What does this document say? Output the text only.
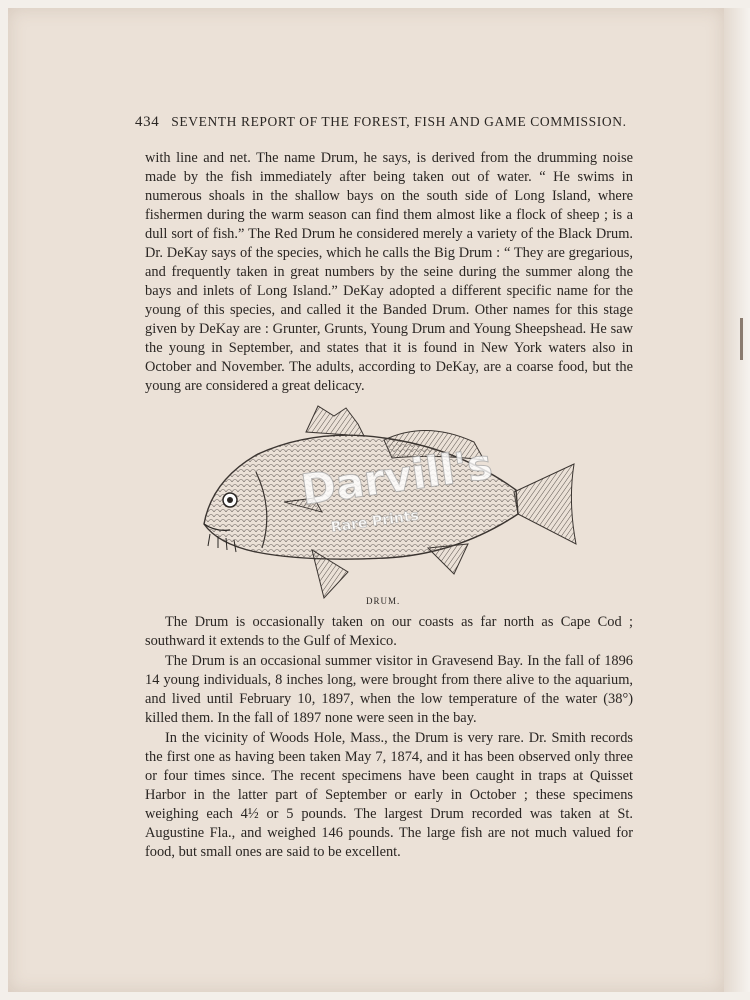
434 SEVENTH REPORT OF THE FOREST, FISH AND GAME COMMISSION.

with line and net. The name Drum, he says, is derived from the drumming noise made by the fish immediately after being taken out of water. “ He swims in numerous shoals in the shallow bays on the south side of Long Island, where fishermen during the warm season can find them almost like a flock of sheep ; is a dull sort of fish.” The Red Drum he considered merely a variety of the Black Drum. Dr. DeKay says of the species, which he calls the Big Drum : “ They are gregarious, and frequently taken in great numbers by the seine during the summer along the bays and inlets of Long Island.” DeKay adopted a different specific name for the young of this species, and called it the Banded Drum. Other names for this stage given by DeKay are : Grunter, Grunts, Young Drum and Young Sheepshead. He saw the young in September, and states that it is found in New York waters also in October and November. The adults, according to DeKay, are a coarse food, but the young are considered a great delicacy.

Darvill's
Rare Prints
DRUM.

The Drum is occasionally taken on our coasts as far north as Cape Cod ; southward it extends to the Gulf of Mexico.

The Drum is an occasional summer visitor in Gravesend Bay. In the fall of 1896 14 young individuals, 8 inches long, were brought from there alive to the aquarium, and lived until February 10, 1897, when the low temperature of the water (38°) killed them. In the fall of 1897 none were seen in the bay.

In the vicinity of Woods Hole, Mass., the Drum is very rare. Dr. Smith records the first one as having been taken May 7, 1874, and it has been observed only three or four times since. The recent specimens have been caught in traps at Quisset Harbor in the latter part of September or early in October ; these specimens weighing each 4½ or 5 pounds. The largest Drum recorded was taken at St. Augustine Fla., and weighed 146 pounds. The large fish are not much valued for food, but small ones are said to be excellent.
